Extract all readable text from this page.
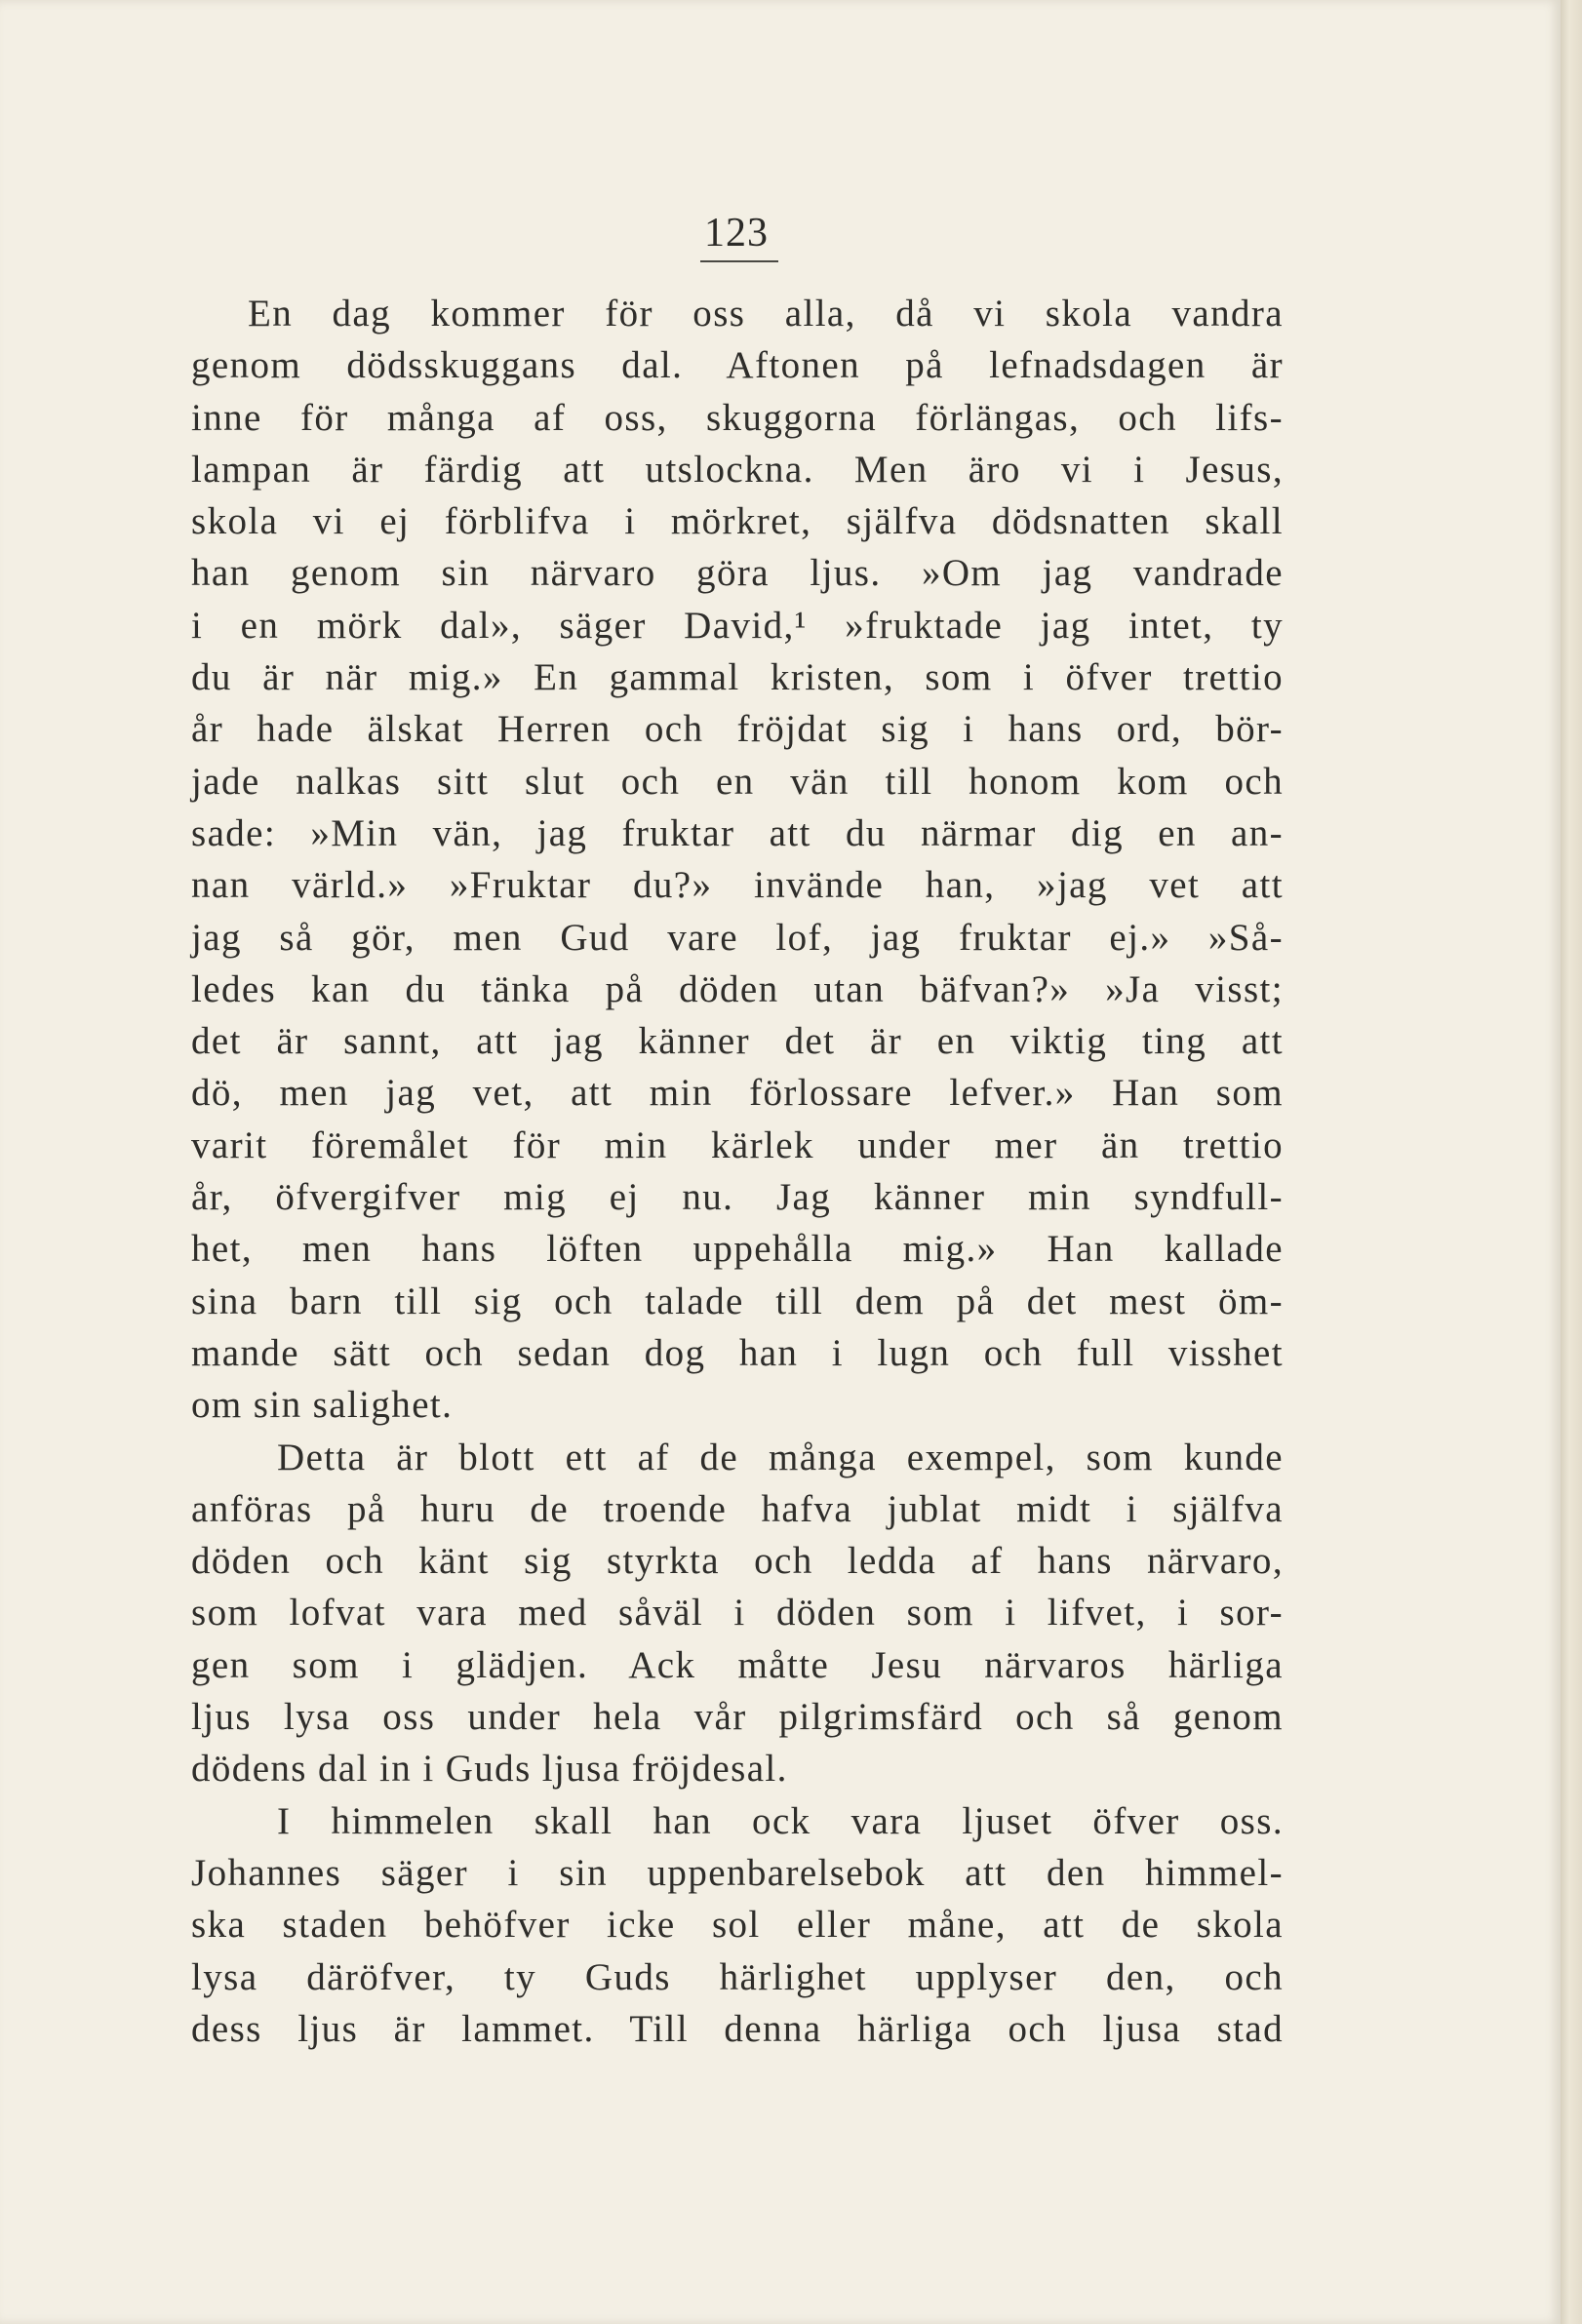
123
En dag kommer för oss alla, då vi skola vandra
genom dödsskuggans dal. Aftonen på lefnadsdagen är
inne för många af oss, skuggorna förlängas, och lifs-
lampan är färdig att utslockna. Men äro vi i Jesus,
skola vi ej förblifva i mörkret, själfva dödsnatten skall
han genom sin närvaro göra ljus. »Om jag vandrade
i en mörk dal», säger David,¹ »fruktade jag intet, ty
du är när mig.» En gammal kristen, som i öfver trettio
år hade älskat Herren och fröjdat sig i hans ord, bör-
jade nalkas sitt slut och en vän till honom kom och
sade: »Min vän, jag fruktar att du närmar dig en an-
nan värld.» »Fruktar du?» invände han, »jag vet att
jag så gör, men Gud vare lof, jag fruktar ej.» »Så-
ledes kan du tänka på döden utan bäfvan?» »Ja visst;
det är sannt, att jag känner det är en viktig ting att
dö, men jag vet, att min förlossare lefver.» Han som
varit föremålet för min kärlek under mer än trettio
år, öfvergifver mig ej nu. Jag känner min syndfull-
het, men hans löften uppehålla mig.» Han kallade
sina barn till sig och talade till dem på det mest öm-
mande sätt och sedan dog han i lugn och full visshet
om sin salighet.
Detta är blott ett af de många exempel, som kunde
anföras på huru de troende hafva jublat midt i själfva
döden och känt sig styrkta och ledda af hans närvaro,
som lofvat vara med såväl i döden som i lifvet, i sor-
gen som i glädjen. Ack måtte Jesu närvaros härliga
ljus lysa oss under hela vår pilgrimsfärd och så genom
dödens dal in i Guds ljusa fröjdesal.
I himmelen skall han ock vara ljuset öfver oss.
Johannes säger i sin uppenbarelsebok att den himmel-
ska staden behöfver icke sol eller måne, att de skola
lysa däröfver, ty Guds härlighet upplyser den, och
dess ljus är lammet. Till denna härliga och ljusa stad
